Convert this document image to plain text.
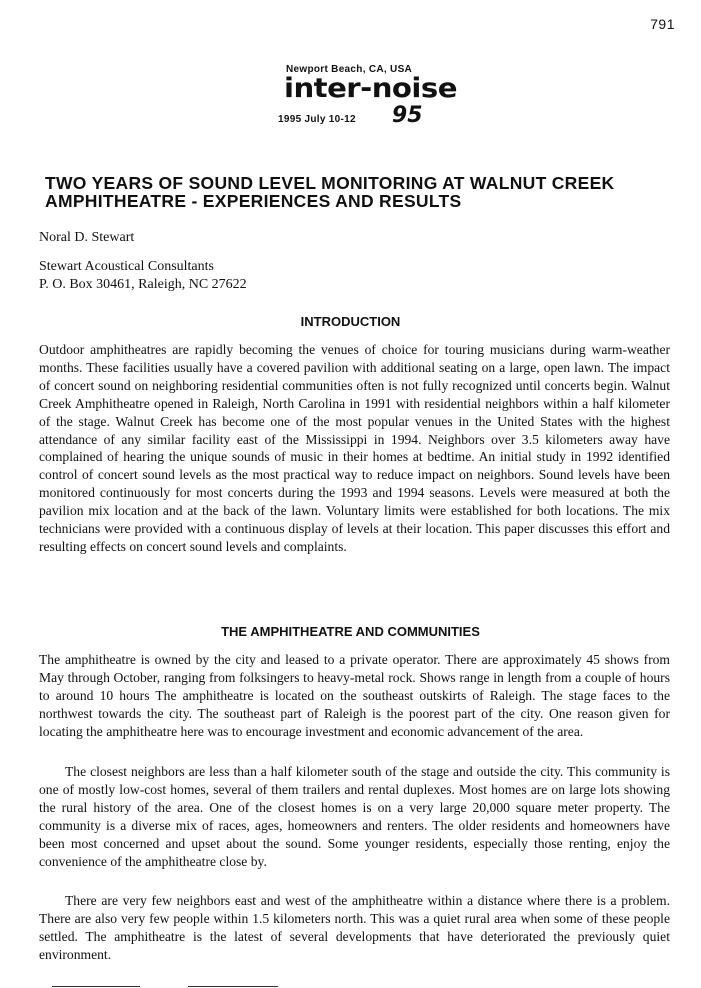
791
Newport Beach, CA, USA
inter-noise
1995 July 10-12 95
TWO YEARS OF SOUND LEVEL MONITORING AT WALNUT CREEK AMPHITHEATRE - EXPERIENCES AND RESULTS
Noral D. Stewart
Stewart Acoustical Consultants
P. O. Box 30461, Raleigh, NC 27622
INTRODUCTION

Outdoor amphitheatres are rapidly becoming the venues of choice for touring musicians during warm-weather months. These facilities usually have a covered pavilion with additional seating on a large, open lawn. The impact of concert sound on neighboring residential communities often is not fully recognized until concerts begin. Walnut Creek Amphitheatre opened in Raleigh, North Carolina in 1991 with residential neighbors within a half kilometer of the stage. Walnut Creek has become one of the most popular venues in the United States with the highest attendance of any similar facility east of the Mississippi in 1994. Neighbors over 3.5 kilometers away have complained of hearing the unique sounds of music in their homes at bedtime. An initial study in 1992 identified control of concert sound levels as the most practical way to reduce impact on neighbors. Sound levels have been monitored continuously for most concerts during the 1993 and 1994 seasons. Levels were measured at both the pavilion mix location and at the back of the lawn. Voluntary limits were established for both locations. The mix technicians were provided with a continuous display of levels at their location. This paper discusses this effort and resulting effects on concert sound levels and complaints.

THE AMPHITHEATRE AND COMMUNITIES

The amphitheatre is owned by the city and leased to a private operator. There are approximately 45 shows from May through October, ranging from folksingers to heavy-metal rock. Shows range in length from a couple of hours to around 10 hours The amphitheatre is located on the southeast outskirts of Raleigh. The stage faces to the northwest towards the city. The southeast part of Raleigh is the poorest part of the city. One reason given for locating the amphitheatre here was to encourage investment and economic advancement of the area.

The closest neighbors are less than a half kilometer south of the stage and outside the city. This community is one of mostly low-cost homes, several of them trailers and rental duplexes. Most homes are on large lots showing the rural history of the area. One of the closest homes is on a very large 20,000 square meter property. The community is a diverse mix of races, ages, homeowners and renters. The older residents and homeowners have been most concerned and upset about the sound. Some younger residents, especially those renting, enjoy the convenience of the amphitheatre close by.

There are very few neighbors east and west of the amphitheatre within a distance where there is a problem. There are also very few people within 1.5 kilometers north. This was a quiet rural area when some of these people settled. The amphitheatre is the latest of several developments that have deteriorated the previously quiet environment.
